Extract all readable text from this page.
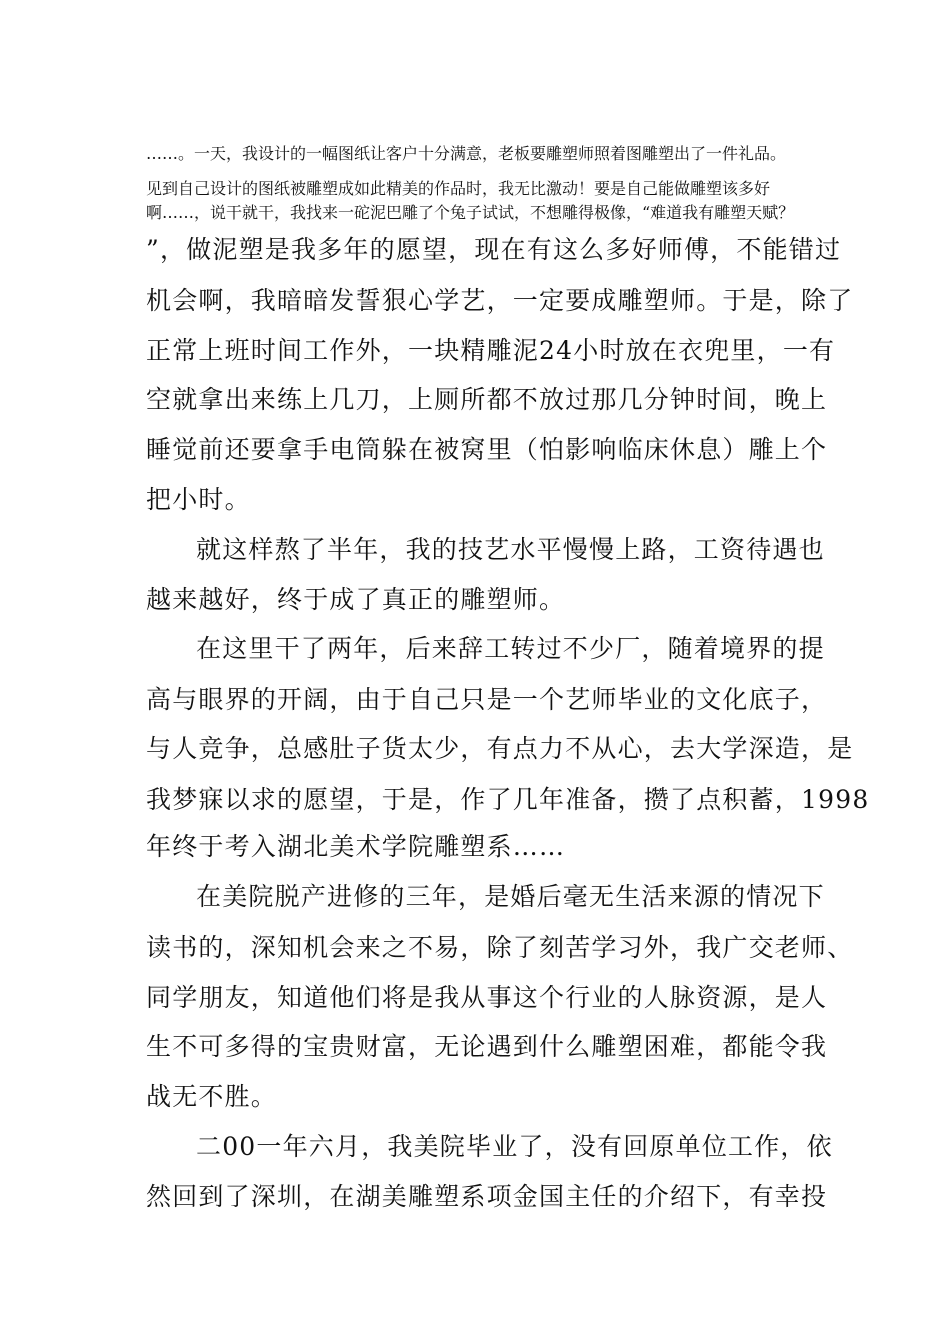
……。一天，我设计的一幅图纸让客户十分满意，老板要雕塑师照着图雕塑出了一件礼品。
见到自己设计的图纸被雕塑成如此精美的作品时，我无比激动！要是自己能做雕塑该多好
啊……，说干就干，我找来一砣泥巴雕了个兔子试试，不想雕得极像，“难道我有雕塑天赋？
”，做泥塑是我多年的愿望，现在有这么多好师傅，不能错过
机会啊，我暗暗发誓狠心学艺，一定要成雕塑师。于是，除了
正常上班时间工作外，一块精雕泥24小时放在衣兜里，一有
空就拿出来练上几刀，上厕所都不放过那几分钟时间，晚上
睡觉前还要拿手电筒躲在被窝里（怕影响临床休息）雕上个
把小时。
就这样熬了半年，我的技艺水平慢慢上路，工资待遇也
越来越好，终于成了真正的雕塑师。
在这里干了两年，后来辞工转过不少厂，随着境界的提
高与眼界的开阔，由于自己只是一个艺师毕业的文化底子，
与人竞争，总感肚子货太少，有点力不从心，去大学深造，是
我梦寐以求的愿望，于是，作了几年准备，攒了点积蓄，1998
年终于考入湖北美术学院雕塑系……
在美院脱产进修的三年，是婚后毫无生活来源的情况下
读书的，深知机会来之不易，除了刻苦学习外，我广交老师、
同学朋友，知道他们将是我从事这个行业的人脉资源，是人
生不可多得的宝贵财富，无论遇到什么雕塑困难，都能令我
战无不胜。
二00一年六月，我美院毕业了，没有回原单位工作，依
然回到了深圳，在湖美雕塑系项金国主任的介绍下，有幸投
